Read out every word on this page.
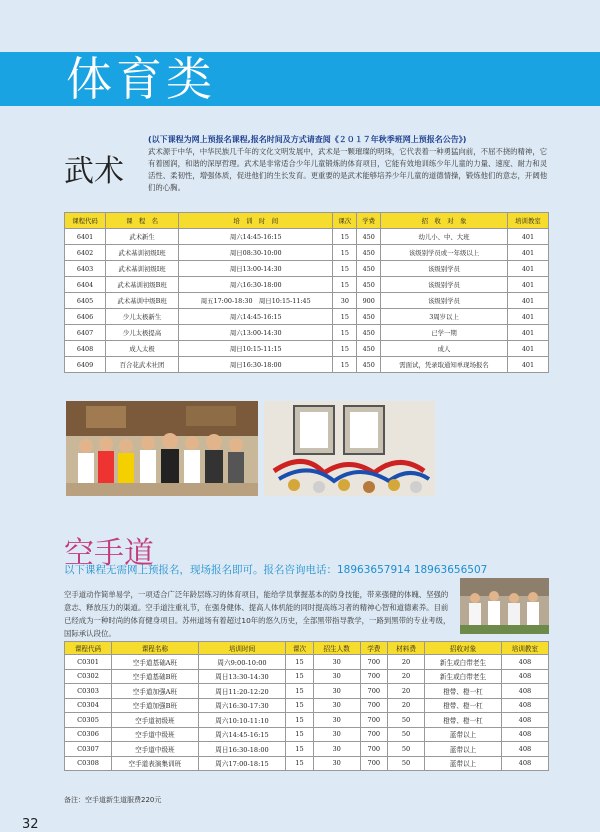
体育类
武术
(以下课程为网上预报名课程,报名时间及方式请查阅《２０１７年秋季班网上预报名公告》)
武术源于中华，中华民族几千年的文化文明发展中，武术是一颗璀璨的明珠，它代表着一种勇猛向前，不屈不挠的精神，它有着圆润，和谐的深厚哲理。武术是非常适合少年儿童锻炼的体育项目，它能有效地训练少年儿童的力量、速度、耐力和灵活性、柔韧性，增强体质，促进他们的生长发育。更重要的是武术能够培养少年儿童的道德情操，锻炼他们的意志，开阔他们的心胸。
课程代码	课　程　名	培　训　时　间	课次	学费	招　收　对　象	培训教室
6401	武术新生	周六14:45-16:15	15	450	幼儿小、中、大班	401
6402	武术基训初级I班	周日08:30-10:00	15	450	该级别学员或一年级以上	401
6403	武术基训初级I班	周日13:00-14:30	15	450	该级别学员	401
6404	武术基训初级B班	周六16:30-18:00	15	450	该级别学员	401
6405	武术基训中级B班	周五17:00-18:30　周日10:15-11:45	30	900	该级别学员	401
6406	少儿太极新生	周六14:45-16:15	15	450	3周岁以上	401
6407	少儿太极提高	周六13:00-14:30	15	450	已学一期	401
6408	成人太极	周日10:15-11:15	15	450	成人	401
6409	百合花武术社团	周日16:30-18:00	15	450	需面试，凭录取通知单现场报名	401
空手道
以下课程无需网上预报名，现场报名即可。报名咨询电话：18963657914 18963656507
空手道动作简单易学，一项适合广泛年龄层练习的体育项目，能给学员掌握基本的防身技能，带来强健的体魄、坚强的意志、释放压力的渠道。空手道注重礼节，在强身健体、提高人体机能的同时提高练习者的精神心智和道德素养。目前已经成为一种时尚的体育健身项目。苏州道场有着超过10年的悠久历史，全部黑带指导教学，一路到黑带的专业考级，国际承认段位。
课程代码	课程名称	培训时间	课次	招生人数	学费	材料费	招收对象	培训教室
C0301	空手道基础A班	周六9:00-10:00	15	30	700	20	新生或白带老生	408
C0302	空手道基础B班	周日13:30-14:30	15	30	700	20	新生或白带老生	408
C0303	空手道加强A班	周日11:20-12:20	15	30	700	20	橙带、橙一杠	408
C0304	空手道加强B班	周六16:30-17:30	15	30	700	20	橙带、橙一杠	408
C0305	空手道初级班	周六10:10-11:10	15	30	700	50	橙带、橙一杠	408
C0306	空手道中级班	周六14:45-16:15	15	30	700	50	蓝带以上	408
C0307	空手道中级班	周日16:30-18:00	15	30	700	50	蓝带以上	408
C0308	空手道表演集训班	周六17:00-18:15	15	30	700	50	蓝带以上	408
备注：空手道新生道服费220元
32
